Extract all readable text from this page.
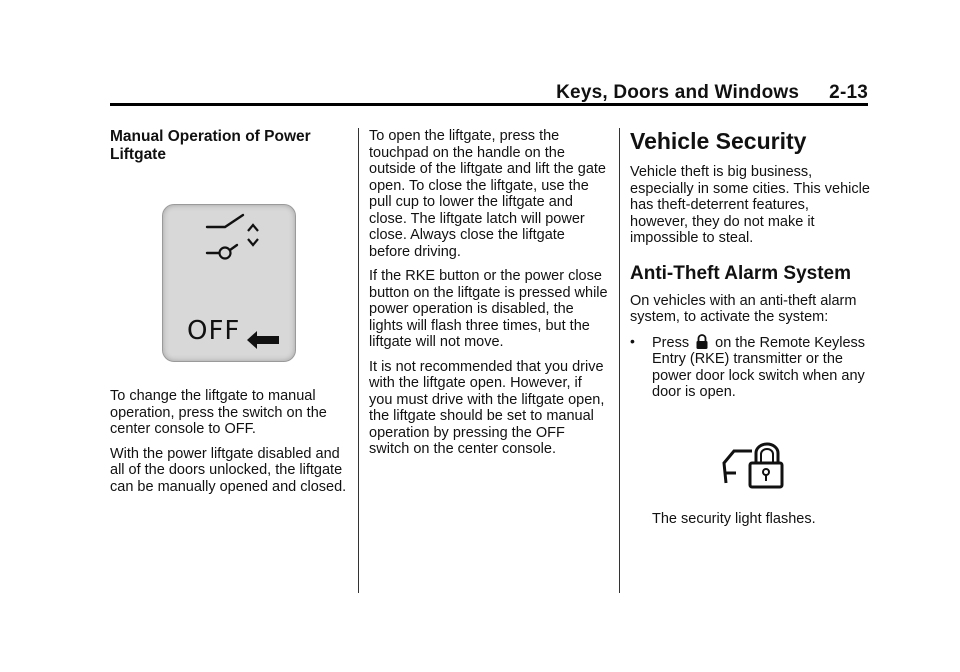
Keys, Doors and Windows 2-13
Manual Operation of Power Liftgate
OFF

To change the liftgate to manual operation, press the switch on the center console to OFF.

With the power liftgate disabled and all of the doors unlocked, the liftgate can be manually opened and closed.

To open the liftgate, press the touchpad on the handle on the outside of the liftgate and lift the gate open. To close the liftgate, use the pull cup to lower the liftgate and close. The liftgate latch will power close. Always close the liftgate before driving.

If the RKE button or the power close button on the liftgate is pressed while power operation is disabled, the lights will flash three times, but the liftgate will not move.

It is not recommended that you drive with the liftgate open. However, if you must drive with the liftgate open, the liftgate should be set to manual operation by pressing the OFF switch on the center console.

Vehicle Security

Vehicle theft is big business, especially in some cities. This vehicle has theft-deterrent features, however, they do not make it impossible to steal.

Anti-Theft Alarm System

On vehicles with an anti-theft alarm system, to activate the system:

• Press on the Remote Keyless Entry (RKE) transmitter or the power door lock switch when any door is open.

The security light flashes.
